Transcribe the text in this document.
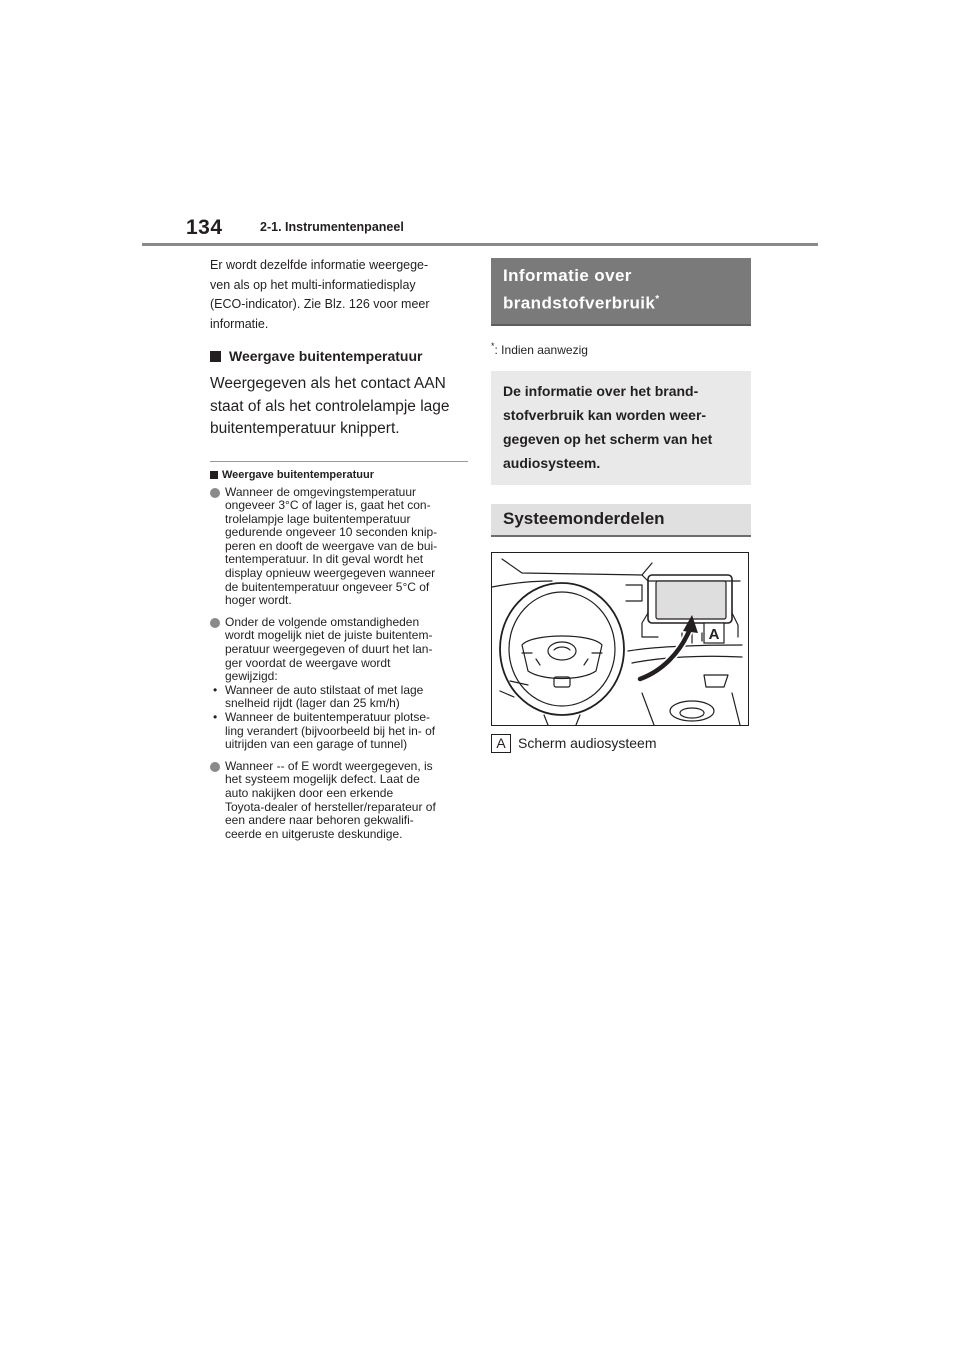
134	2-1. Instrumentenpaneel

Er wordt dezelfde informatie weergege-
ven als op het multi-informatiedisplay
(ECO-indicator). Zie Blz. 126 voor meer
informatie.

Weergave buitentemperatuur

Weergegeven als het contact AAN
staat of als het controlelampje lage
buitentemperatuur knippert.

Weergave buitentemperatuur
Wanneer de omgevingstemperatuur
ongeveer 3°C of lager is, gaat het con-
trolelampje lage buitentemperatuur
gedurende ongeveer 10 seconden knip-
peren en dooft de weergave van de bui-
tentemperatuur. In dit geval wordt het
display opnieuw weergegeven wanneer
de buitentemperatuur ongeveer 5°C of
hoger wordt.
Onder de volgende omstandigheden
wordt mogelijk niet de juiste buitentem-
peratuur weergegeven of duurt het lan-
ger voordat de weergave wordt
gewijzigd:
• Wanneer de auto stilstaat of met lage
snelheid rijdt (lager dan 25 km/h)
• Wanneer de buitentemperatuur plotse-
ling verandert (bijvoorbeeld bij het in- of
uitrijden van een garage of tunnel)
Wanneer -- of E wordt weergegeven, is
het systeem mogelijk defect. Laat de
auto nakijken door een erkende
Toyota-dealer of hersteller/reparateur of
een andere naar behoren gekwalifi-
ceerde en uitgeruste deskundige.
Informatie over
brandstofverbruik*
*: Indien aanwezig
De informatie over het brand-
stofverbruik kan worden weer-
gegeven op het scherm van het
audiosysteem.
Systeemonderdelen
A
A Scherm audiosysteem
